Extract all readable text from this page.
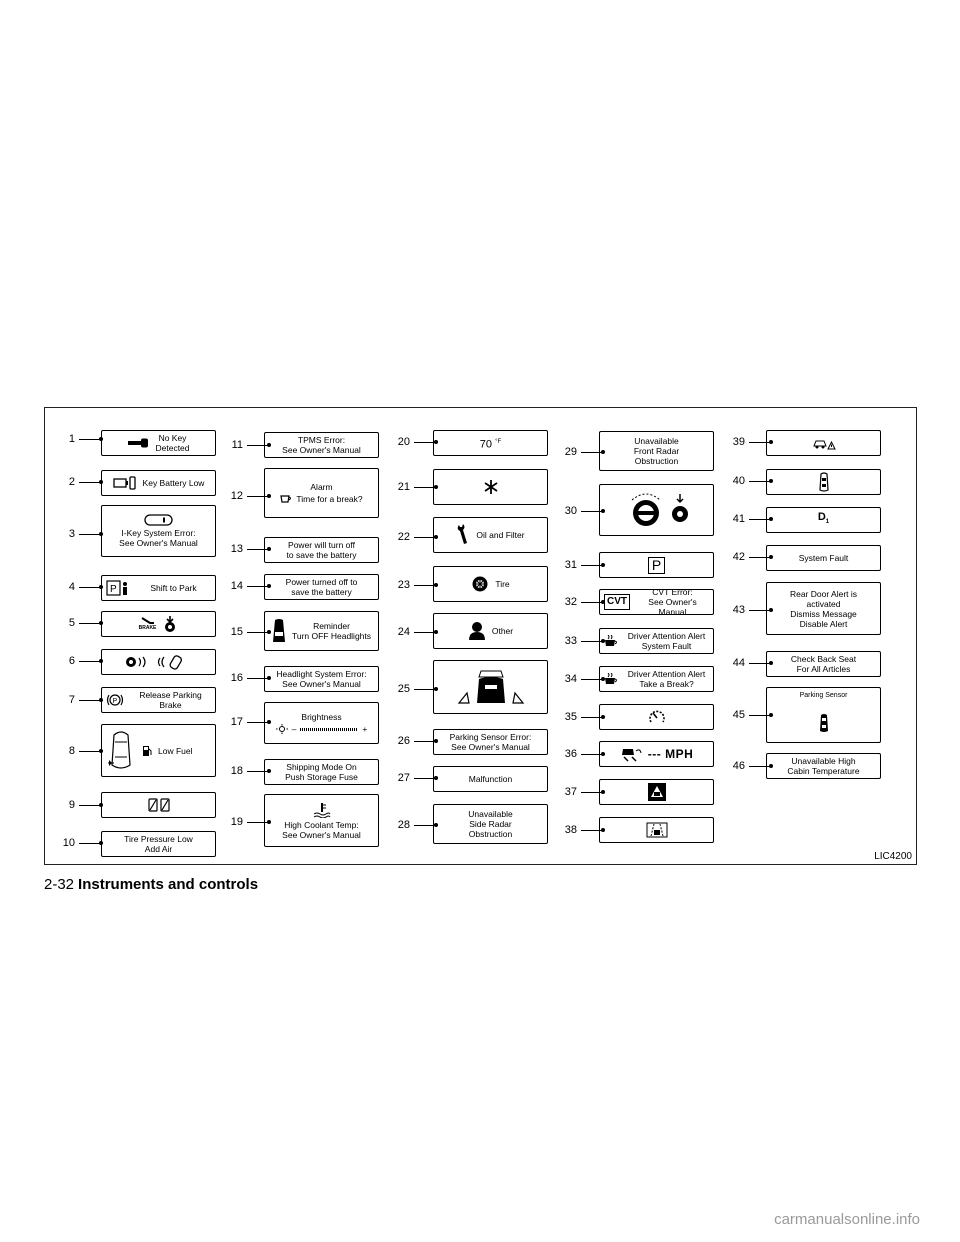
1	No Key
Detected
2	Key Battery Low
3	I-Key System Error:
See Owner's Manual
4	P	Shift to Park
5	BRAKE
6
7	P
Release Parking
Brake
8	Low Fuel
9
10	Tire Pressure Low
Add Air
11	TPMS Error:
See Owner's Manual
12
Alarm
Time for a break?
13	Power will turn off
to save the battery
14	Power turned off to
save the battery
15	Reminder
Turn OFF Headlights
16	Headlight System Error:
See Owner's Manual
17	Brightness
–	+
18	Shipping Mode On
Push Storage Fuse
19	High Coolant Temp:
See Owner's Manual
20	70 $^{^\circ F}$
21
22	Oil and Filter
23	Tire
24	Other
25
26	Parking Sensor Error:
See Owner's Manual
27	Malfunction
28
Unavailable
Side Radar
Obstruction
29
Unavailable
Front Radar
Obstruction
30
31	P
32	CVT
CVT Error:
See Owner's Manual
33	Driver Attention Alert
System Fault
34	Driver Attention Alert
Take a Break?
35
36	--- MPH
37
38
39
40
41	$D_1$
42	System Fault
43
Rear Door Alert is
activated
Dismiss Message
Disable Alert
44	Check Back Seat
For All Articles
45
Parking Sensor
46	Unavailable High
Cabin Temperature
LIC4200
2-32 Instruments and controls
carmanualsonline.info
